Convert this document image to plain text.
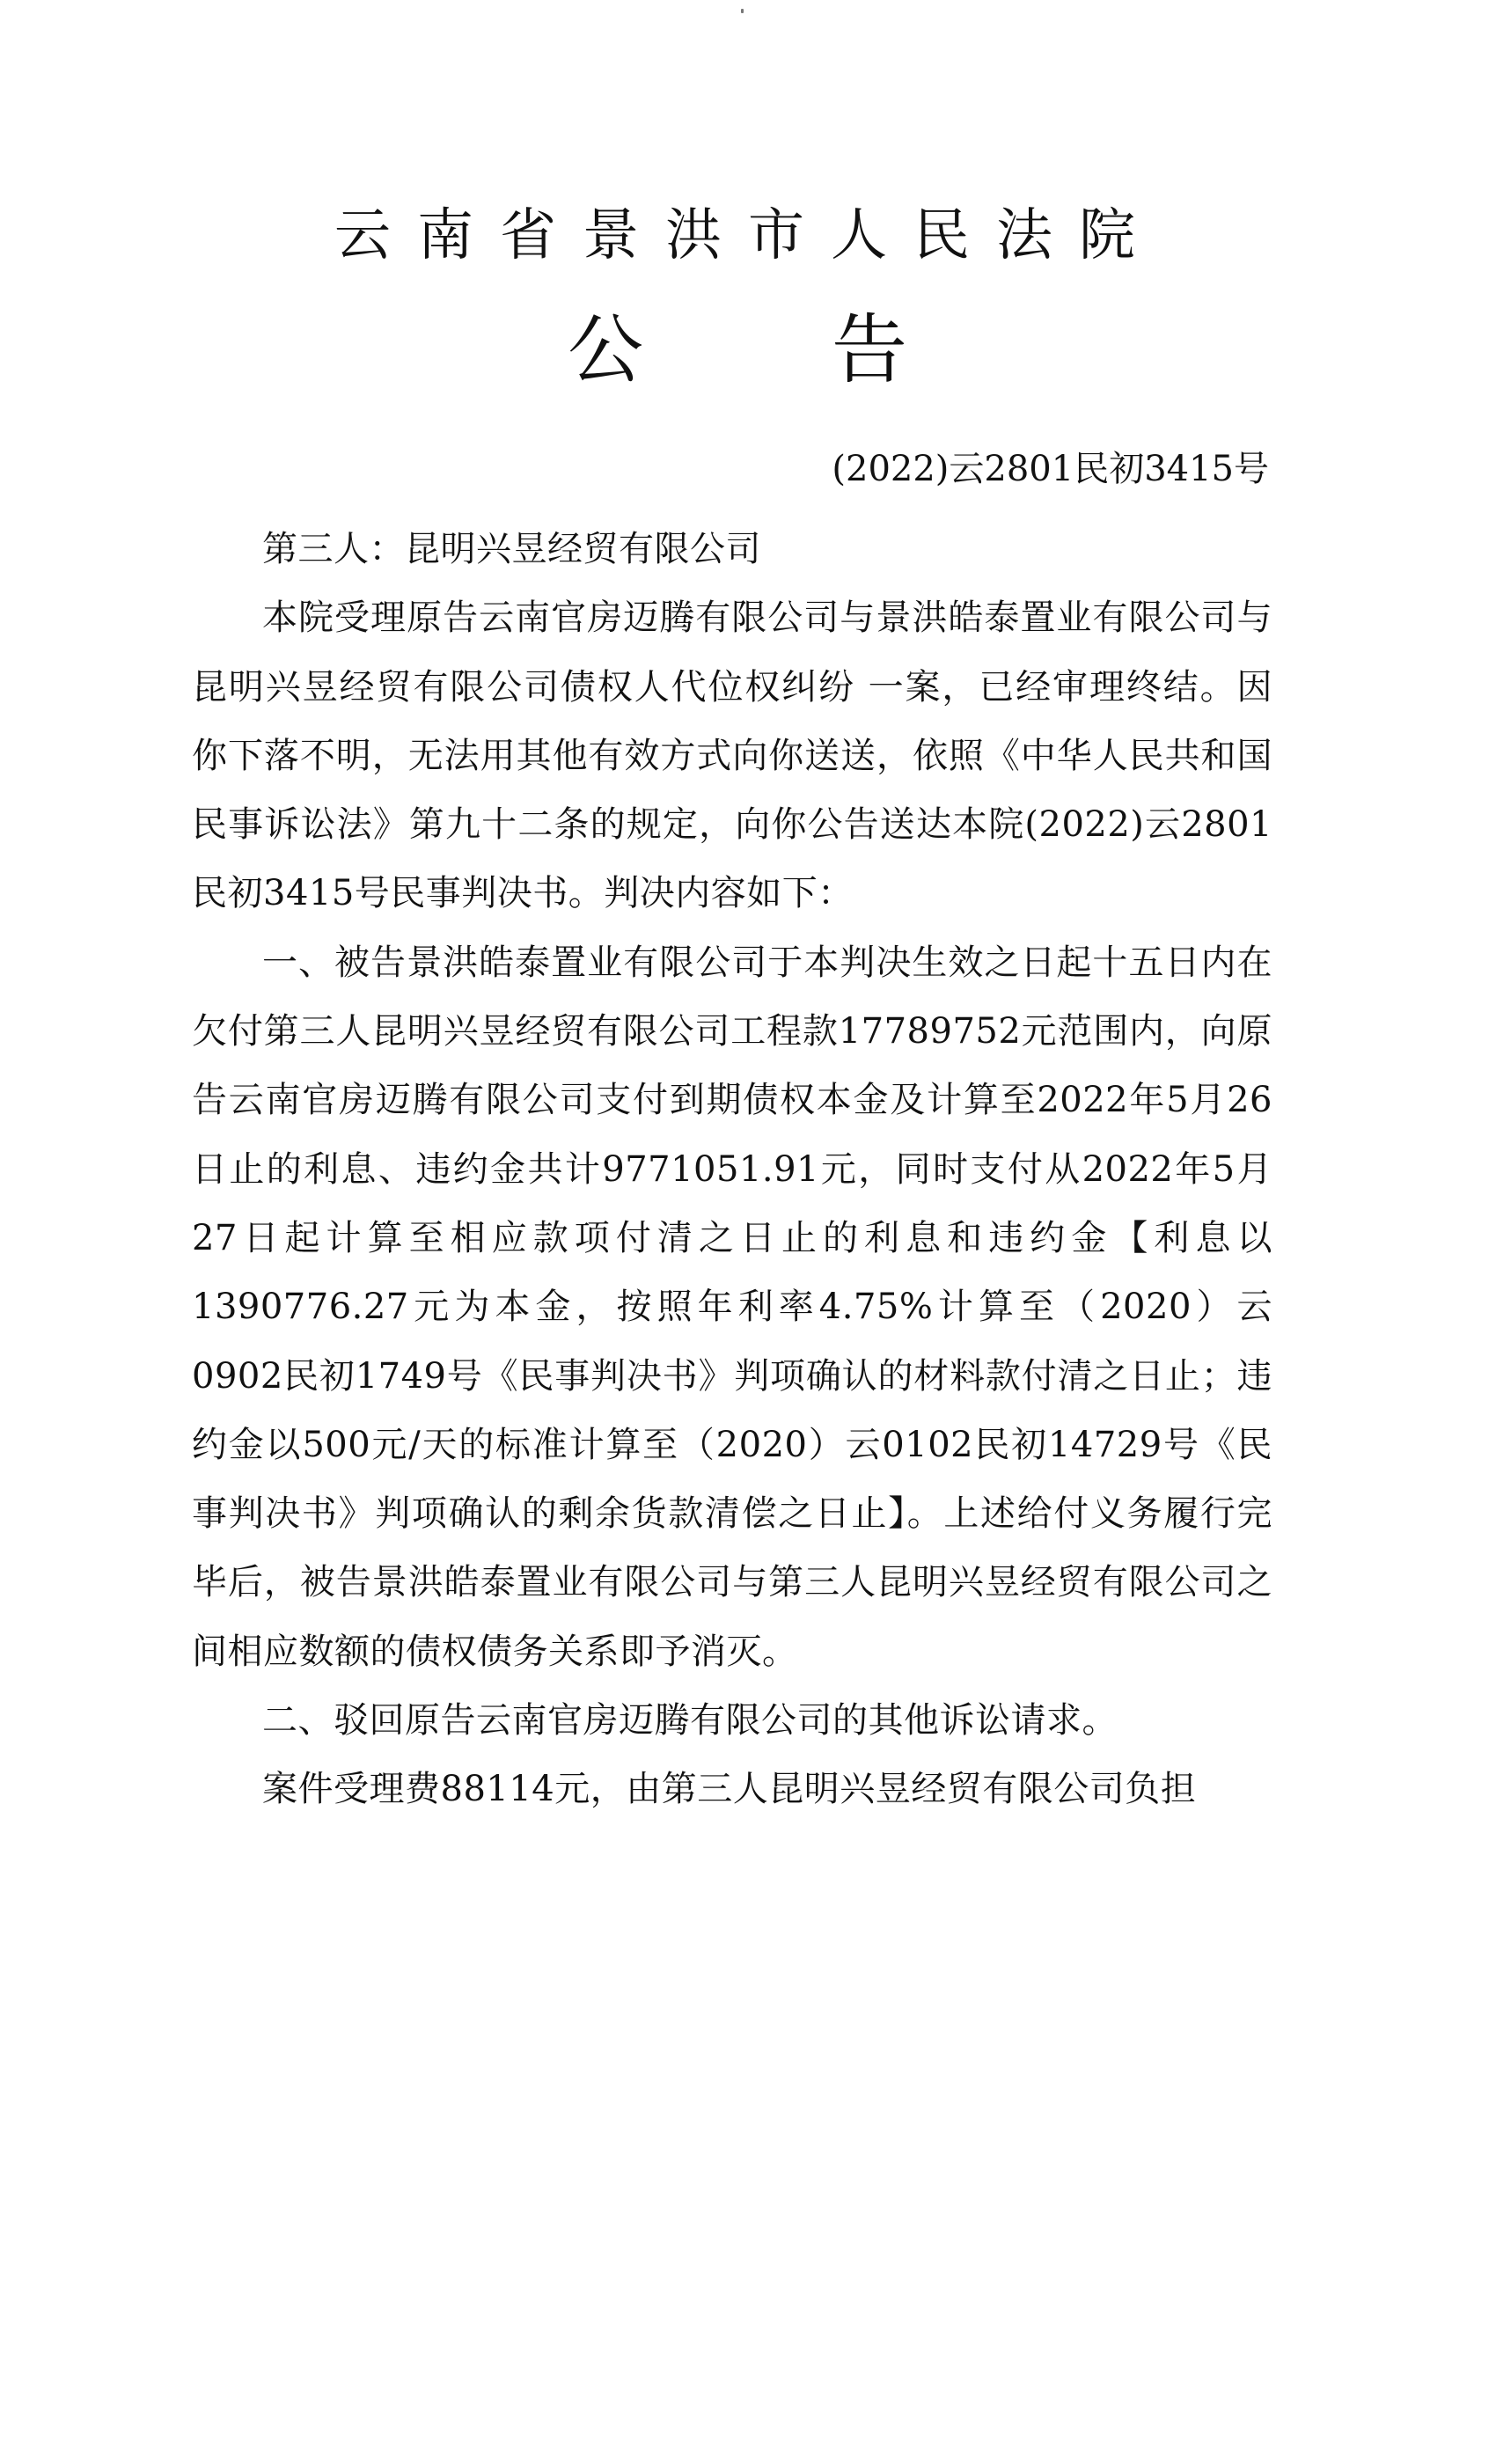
云南省景洪市人民法院
公 告
(2022)云2801民初3415号

第三人：昆明兴昱经贸有限公司

本院受理原告云南官房迈腾有限公司与景洪皓泰置业有限公司与昆明兴昱经贸有限公司债权人代位权纠纷 一案，已经审理终结。因你下落不明，无法用其他有效方式向你送送，依照《中华人民共和国民事诉讼法》第九十二条的规定，向你公告送达本院(2022)云2801民初3415号民事判决书。判决内容如下：

一、被告景洪皓泰置业有限公司于本判决生效之日起十五日内在欠付第三人昆明兴昱经贸有限公司工程款17789752元范围内，向原告云南官房迈腾有限公司支付到期债权本金及计算至2022年5月26日止的利息、违约金共计9771051.91元，同时支付从2022年5月27日起计算至相应款项付清之日止的利息和违约金【利息以1390776.27元为本金，按照年利率4.75%计算至（2020）云0902民初1749号《民事判决书》判项确认的材料款付清之日止；违约金以500元/天的标准计算至（2020）云0102民初14729号《民事判决书》判项确认的剩余货款清偿之日止】。上述给付义务履行完毕后，被告景洪皓泰置业有限公司与第三人昆明兴昱经贸有限公司之间相应数额的债权债务关系即予消灭。

二、驳回原告云南官房迈腾有限公司的其他诉讼请求。

案件受理费88114元，由第三人昆明兴昱经贸有限公司负担
